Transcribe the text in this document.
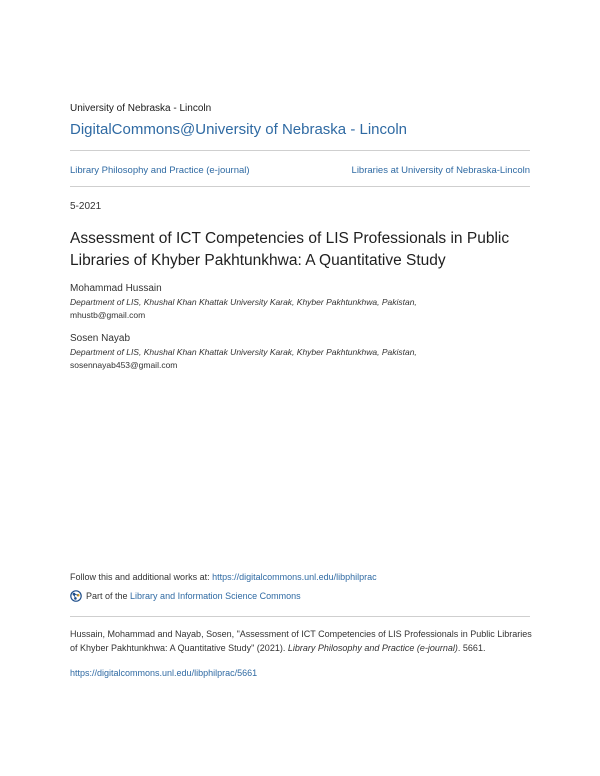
University of Nebraska - Lincoln
DigitalCommons@University of Nebraska - Lincoln
Library Philosophy and Practice (e-journal)	Libraries at University of Nebraska-Lincoln
5-2021
Assessment of ICT Competencies of LIS Professionals in Public Libraries of Khyber Pakhtunkhwa: A Quantitative Study
Mohammad Hussain
Department of LIS, Khushal Khan Khattak University Karak, Khyber Pakhtunkhwa, Pakistan,
mhustb@gmail.com
Sosen Nayab
Department of LIS, Khushal Khan Khattak University Karak, Khyber Pakhtunkhwa, Pakistan,
sosennayab453@gmail.com
Follow this and additional works at: https://digitalcommons.unl.edu/libphilprac
Part of the
Library and Information Science Commons

Hussain, Mohammad and Nayab, Sosen, "Assessment of ICT Competencies of LIS Professionals in Public Libraries of Khyber Pakhtunkhwa: A Quantitative Study" (2021). Library Philosophy and Practice (e-journal). 5661.

https://digitalcommons.unl.edu/libphilprac/5661
